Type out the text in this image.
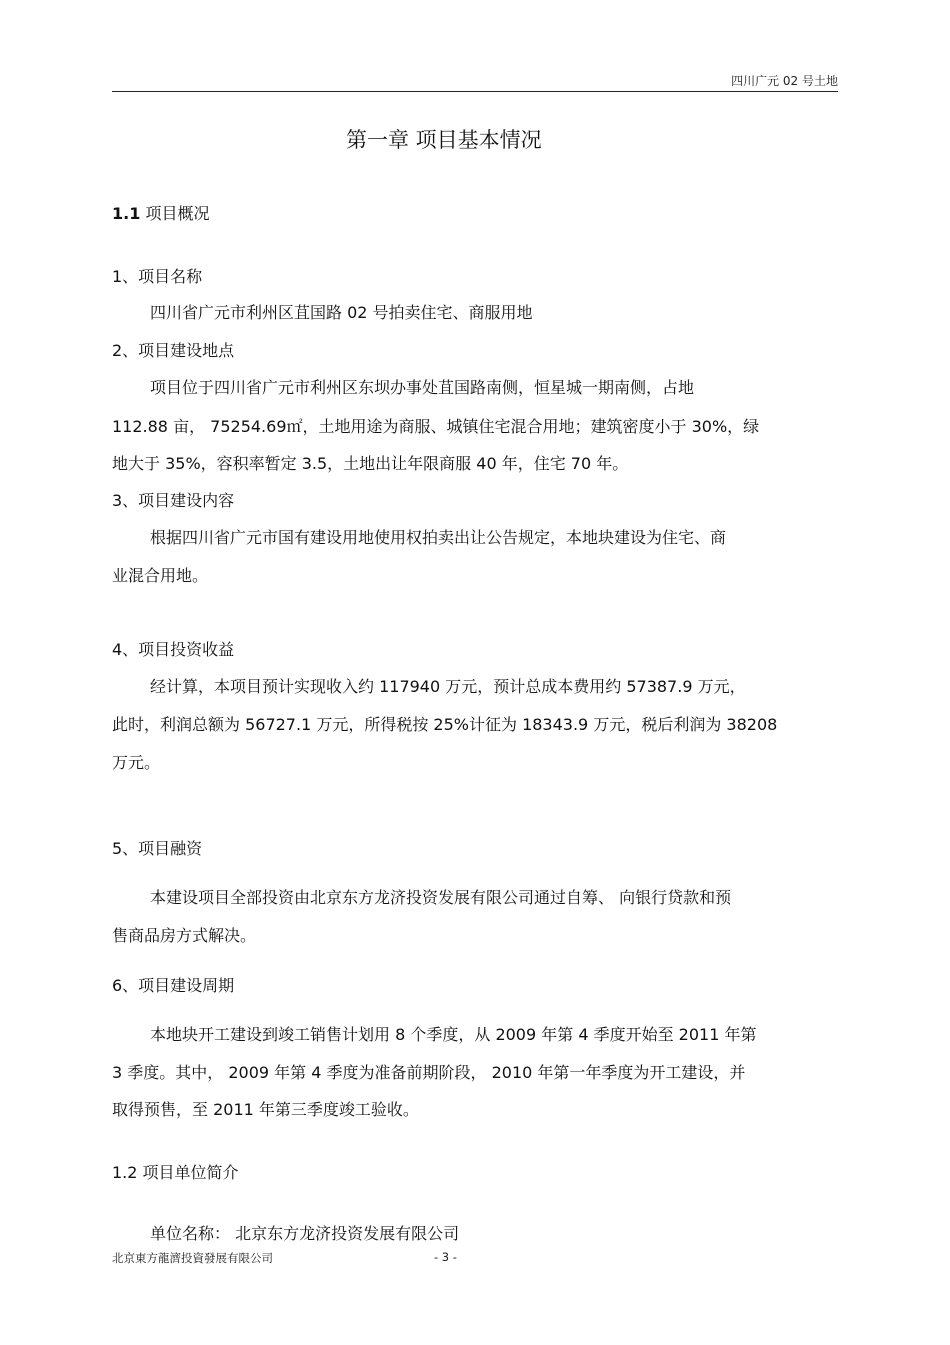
四川广元 02 号土地
第一章 项目基本情况
1.1 项目概况
1、项目名称
四川省广元市利州区苴国路 02 号拍卖住宅、商服用地
2、项目建设地点
项目位于四川省广元市利州区东坝办事处苴国路南侧，恒星城一期南侧，占地
112.88 亩， 75254.69㎡，土地用途为商服、城镇住宅混合用地；建筑密度小于 30%，绿
地大于 35%，容积率暂定 3.5，土地出让年限商服 40 年，住宅 70 年。
3、项目建设内容
根据四川省广元市国有建设用地使用权拍卖出让公告规定，本地块建设为住宅、商
业混合用地。
4、项目投资收益
经计算，本项目预计实现收入约 117940 万元，预计总成本费用约 57387.9 万元，
此时，利润总额为 56727.1 万元，所得税按 25%计征为 18343.9 万元，税后利润为 38208
万元。
5、项目融资
本建设项目全部投资由北京东方龙济投资发展有限公司通过自筹、 向银行贷款和预
售商品房方式解决。
6、项目建设周期
本地块开工建设到竣工销售计划用 8 个季度，从 2009 年第 4 季度开始至 2011 年第
3 季度。其中， 2009 年第 4 季度为准备前期阶段， 2010 年第一年季度为开工建设，并
取得预售，至 2011 年第三季度竣工验收。
1.2 项目单位简介
单位名称： 北京东方龙济投资发展有限公司
北京東方龍濟投資發展有限公司	- 3 -
